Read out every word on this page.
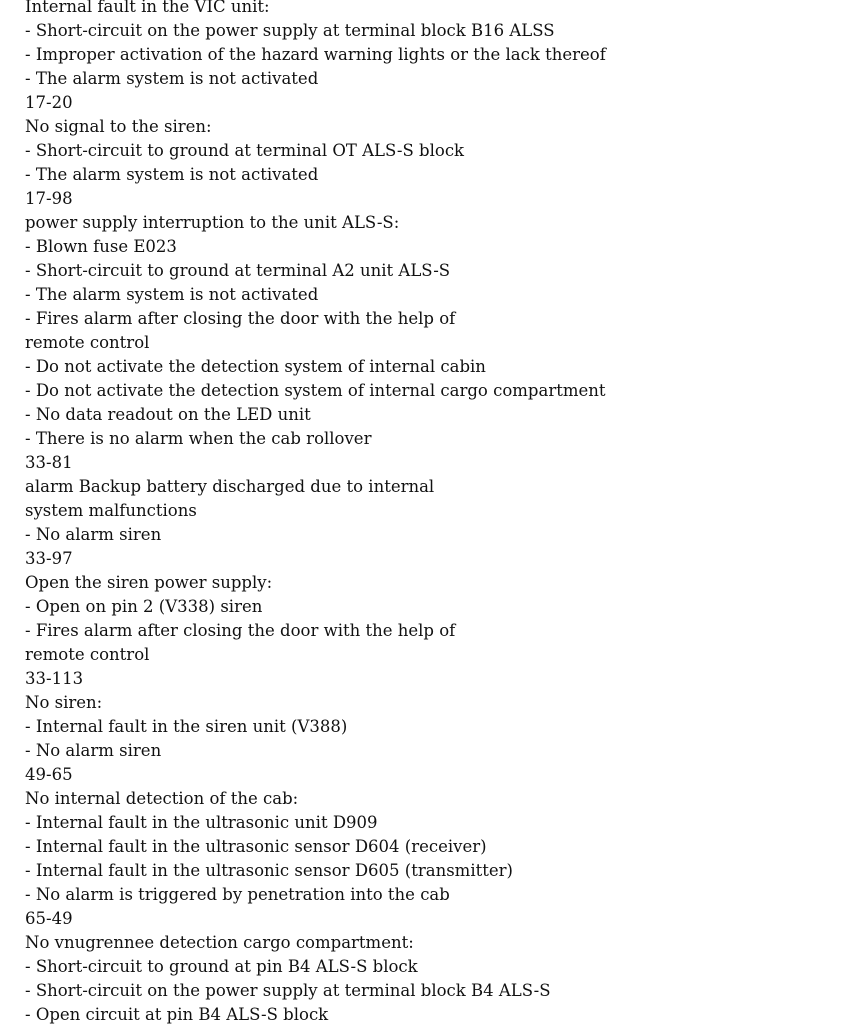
Internal fault in the VIC unit:
- Short-circuit on the power supply at terminal block B16 ALSS
- Improper activation of the hazard warning lights or the lack thereof
- The alarm system is not activated
17-20
No signal to the siren:
- Short-circuit to ground at terminal OT ALS-S block
- The alarm system is not activated
17-98
power supply interruption to the unit ALS-S:
- Blown fuse E023
- Short-circuit to ground at terminal A2 unit ALS-S
- The alarm system is not activated
- Fires alarm after closing the door with the help of
remote control
- Do not activate the detection system of internal cabin
- Do not activate the detection system of internal cargo compartment
- No data readout on the LED unit
- There is no alarm when the cab rollover
33-81
alarm Backup battery discharged due to internal
system malfunctions
- No alarm siren
33-97
Open the siren power supply:
- Open on pin 2 (V338) siren
- Fires alarm after closing the door with the help of
remote control
33-113
No siren:
- Internal fault in the siren unit (V388)
- No alarm siren
49-65
No internal detection of the cab:
- Internal fault in the ultrasonic unit D909
- Internal fault in the ultrasonic sensor D604 (receiver)
- Internal fault in the ultrasonic sensor D605 (transmitter)
- No alarm is triggered by penetration into the cab
65-49
No vnugrennee detection cargo compartment:
- Short-circuit to ground at pin B4 ALS-S block
- Short-circuit on the power supply at terminal block B4 ALS-S
- Open circuit at pin B4 ALS-S block
